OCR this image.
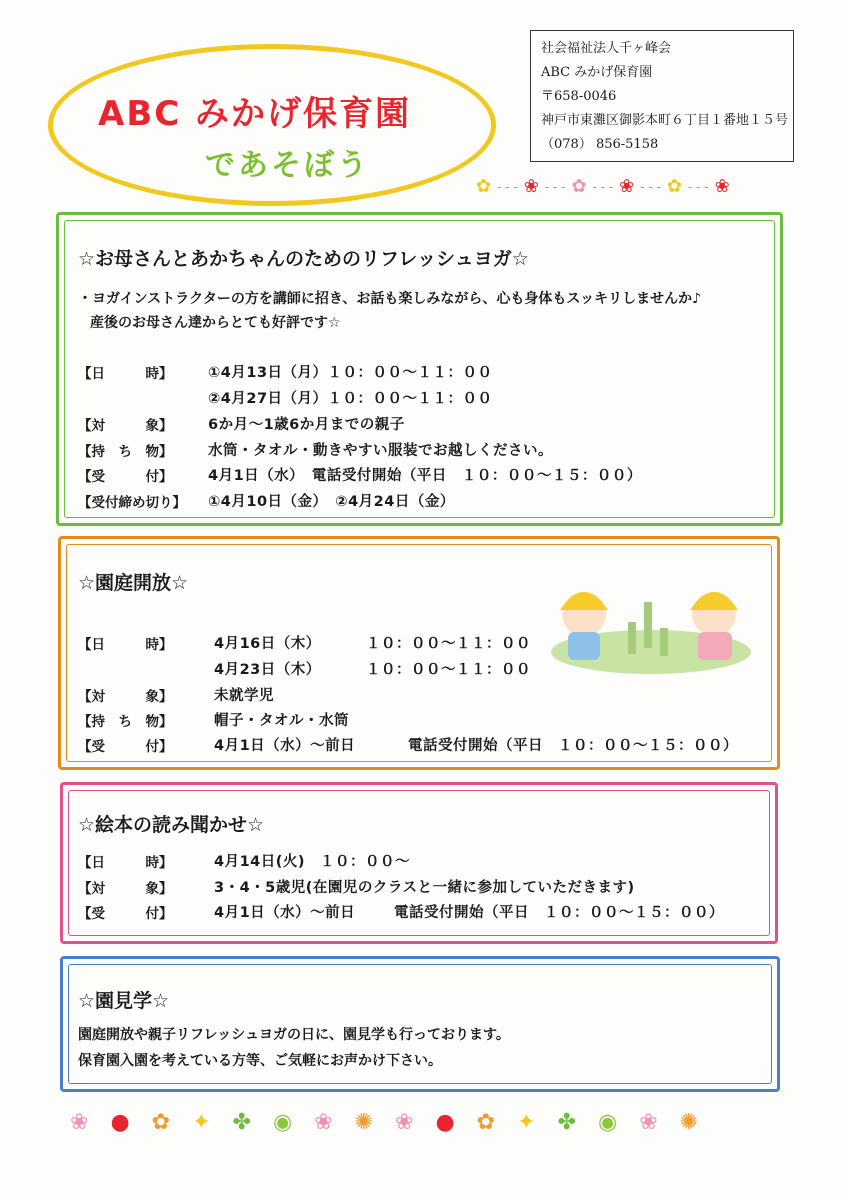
ABC みかげ保育園
であそぼう
社会福祉法人千ヶ峰会
ABC みかげ保育園
〒658-0046
神戸市東灘区御影本町６丁目１番地１５号
（078） 856-5158
✿ - - - ❀ - - - ✿ - - - ❀ - - - ✿ - - - ❀
☆お母さんとあかちゃんのためのリフレッシュヨガ☆
・ヨガインストラクターの方を講師に招き、お話も楽しみながら、心も身体もスッキリしませんか♪
産後のお母さん達からとても好評です☆
【日　　　時】 ①4月13日（月）１０：００～１１：００
②4月27日（月）１０：００～１１：００
【対　　　象】 6か月～1歳6か月までの親子
【持　ち　物】 水筒・タオル・動きやすい服装でお越しください。
【受　　　付】 4月1日（水）　電話受付開始（平日　１０：００～１５：００）
【受付締め切り】 ①4月10日（金）　②4月24日（金）
☆園庭開放☆
【日　　　時】	4月16日（木）	１０：００～１１：００
4月23日（木）	１０：００～１１：００
【対　　　象】	未就学児
【持　ち　物】	帽子・タオル・水筒
【受　　　付】	4月1日（水）～前日	電話受付開始（平日　１０：００～１５：００）
☆絵本の読み聞かせ☆
【日　　　時】	4月14日(火)　１０：００～
【対　　　象】	3・4・5歳児(在園児のクラスと一緒に参加していただきます)
【受　　　付】	4月1日（水）～前日	電話受付開始（平日　１０：００～１５：００）
☆園見学☆
園庭開放や親子リフレッシュヨガの日に、園見学も行っております。
保育園入園を考えている方等、ご気軽にお声かけ下さい。
❀ ● ✿ ✦ ✤ ◉ ❀ ✺ ❀ ● ✿ ✦ ✤ ◉ ❀ ✺
